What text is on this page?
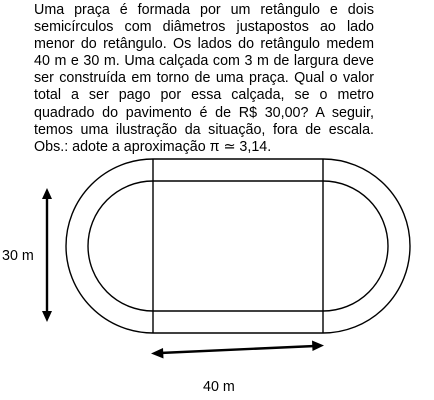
Uma praça é formada por um retângulo e dois semicírculos com diâmetros justapostos ao lado menor do retângulo. Os lados do retângulo medem 40 m e 30 m. Uma calçada com 3 m de largura deve ser construída em torno de uma praça. Qual o valor total a ser pago por essa calçada, se o metro quadrado do pavimento é de R$ 30,00? A seguir, temos uma ilustração da situação, fora de escala. Obs.: adote a aproximação π ≃ 3,14.

30 m
40 m
